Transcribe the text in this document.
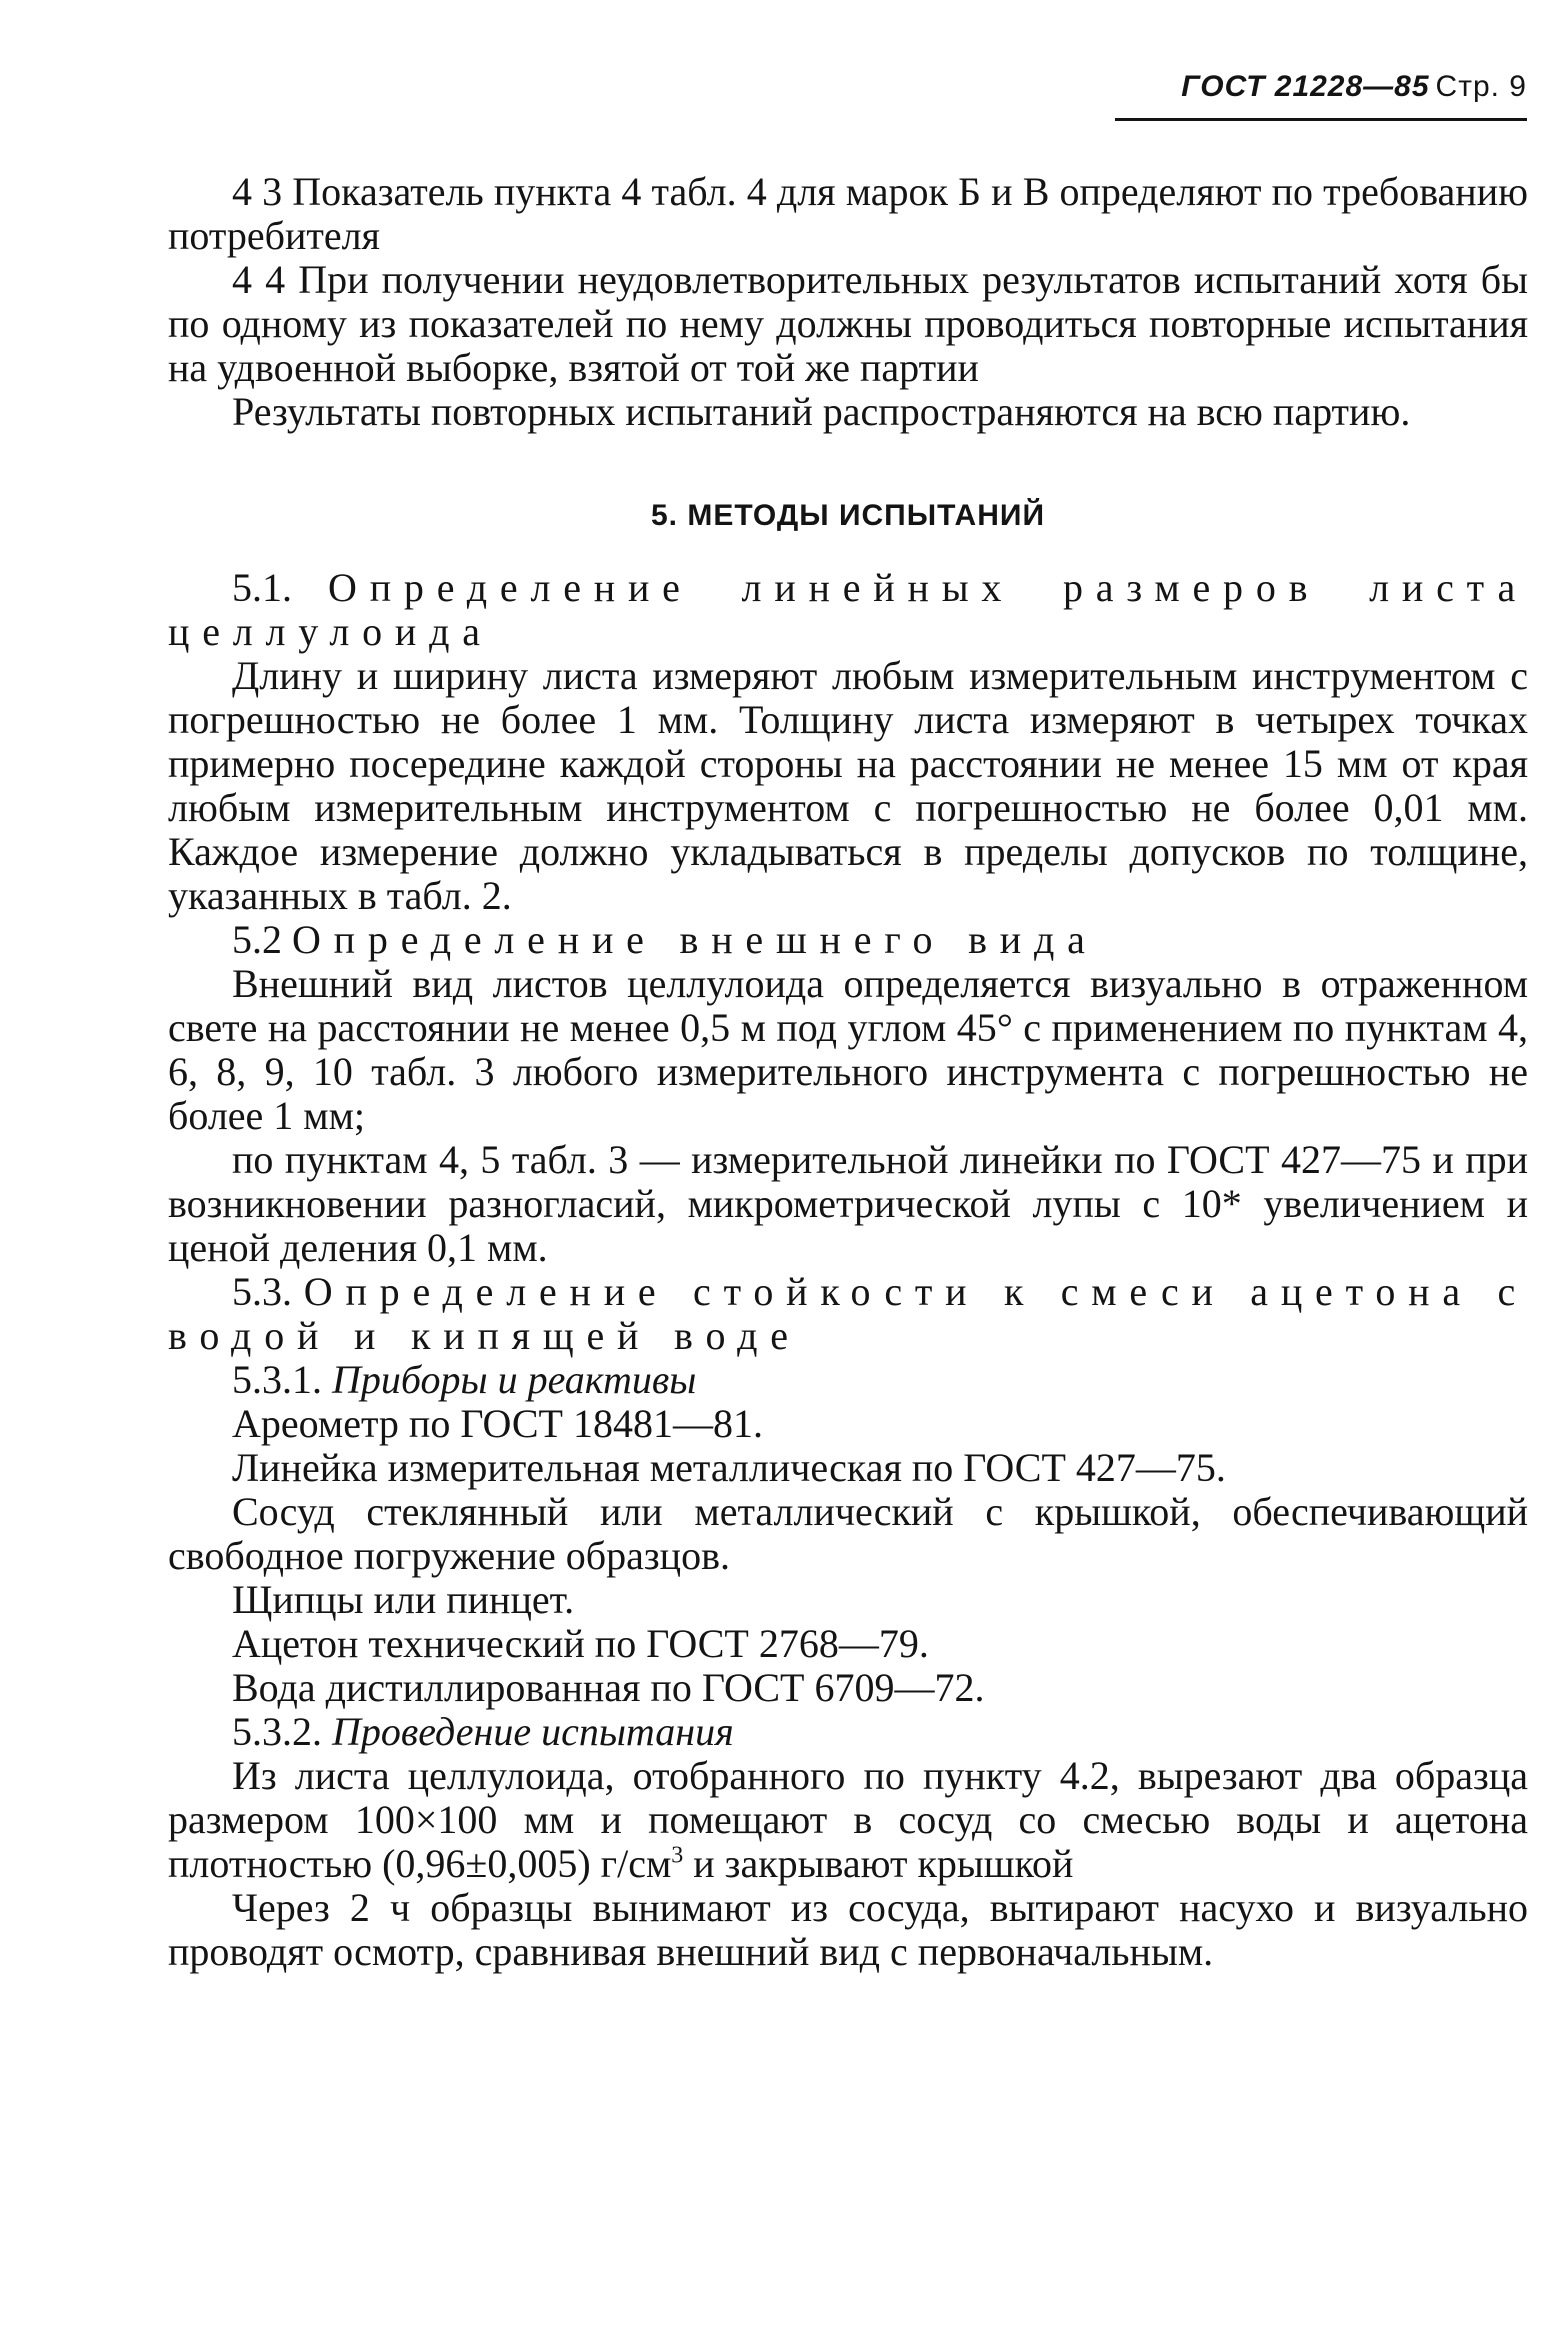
ГОСТ 21228—85 Стр. 9

4 3 Показатель пункта 4 табл. 4 для марок Б и В определяют по требованию потребителя

4 4 При получении неудовлетворительных результатов испытаний хотя бы по одному из показателей по нему должны проводиться повторные испытания на удвоенной выборке, взятой от той же партии

Результаты повторных испытаний распространяются на всю партию.

5. МЕТОДЫ ИСПЫТАНИЙ

5.1. Определение линейных размеров листа целлулоида

Длину и ширину листа измеряют любым измерительным инструментом с погрешностью не более 1 мм. Толщину листа измеряют в четырех точках примерно посередине каждой стороны на расстоянии не менее 15 мм от края любым измерительным инструментом с погрешностью не более 0,01 мм. Каждое измерение должно укладываться в пределы допусков по толщине, указанных в табл. 2.

5.2 Определение внешнего вида

Внешний вид листов целлулоида определяется визуально в отраженном свете на расстоянии не менее 0,5 м под углом 45° с применением по пунктам 4, 6, 8, 9, 10 табл. 3 любого измерительного инструмента с погрешностью не более 1 мм;

по пунктам 4, 5 табл. 3 — измерительной линейки по ГОСТ 427—75 и при возникновении разногласий, микрометрической лупы с 10* увеличением и ценой деления 0,1 мм.

5.3. Определение стойкости к смеси ацетона с водой и кипящей воде

5.3.1. Приборы и реактивы

Ареометр по ГОСТ 18481—81.

Линейка измерительная металлическая по ГОСТ 427—75.

Сосуд стеклянный или металлический с крышкой, обеспечивающий свободное погружение образцов.

Щипцы или пинцет.

Ацетон технический по ГОСТ 2768—79.

Вода дистиллированная по ГОСТ 6709—72.

5.3.2. Проведение испытания

Из листа целлулоида, отобранного по пункту 4.2, вырезают два образца размером 100×100 мм и помещают в сосуд со смесью воды и ацетона плотностью (0,96±0,005) $г/см^3$ и закрывают крышкой

Через 2 ч образцы вынимают из сосуда, вытирают насухо и визуально проводят осмотр, сравнивая внешний вид с первоначальным.
